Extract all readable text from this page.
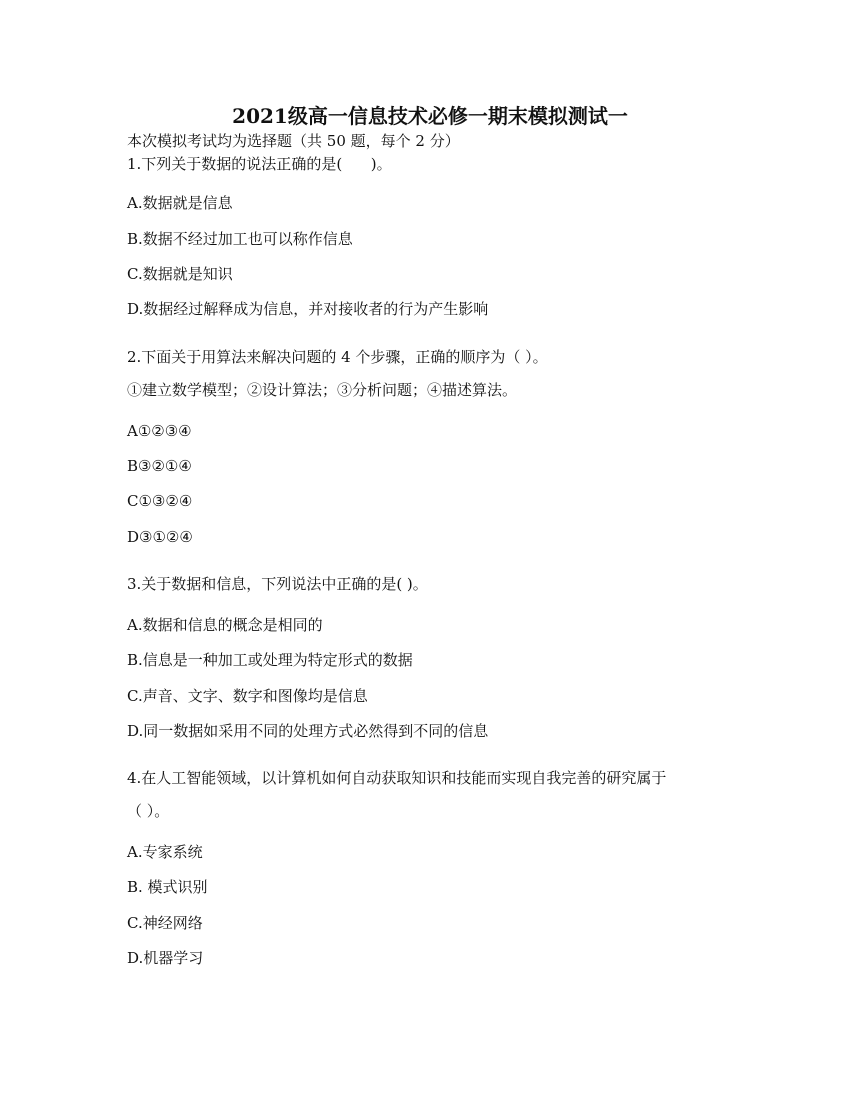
2021级高一信息技术必修一期末模拟测试一
本次模拟考试均为选择题（共 50 题，每个 2 分）
1.下列关于数据的说法正确的是(      )。
A.数据就是信息
B.数据不经过加工也可以称作信息
C.数据就是知识
D.数据经过解释成为信息，并对接收者的行为产生影响
2.下面关于用算法来解决问题的 4 个步骤，正确的顺序为（ ）。
①建立数学模型；②设计算法；③分析问题；④描述算法。
A①②③④
B③②①④
C①③②④
D③①②④
3.关于数据和信息，下列说法中正确的是( )。
A.数据和信息的概念是相同的
B.信息是一种加工或处理为特定形式的数据
C.声音、文字、数字和图像均是信息
D.同一数据如采用不同的处理方式必然得到不同的信息
4.在人工智能领域，以计算机如何自动获取知识和技能而实现自我完善的研究属于
（ ）。
A.专家系统
B. 模式识别
C.神经网络
D.机器学习
